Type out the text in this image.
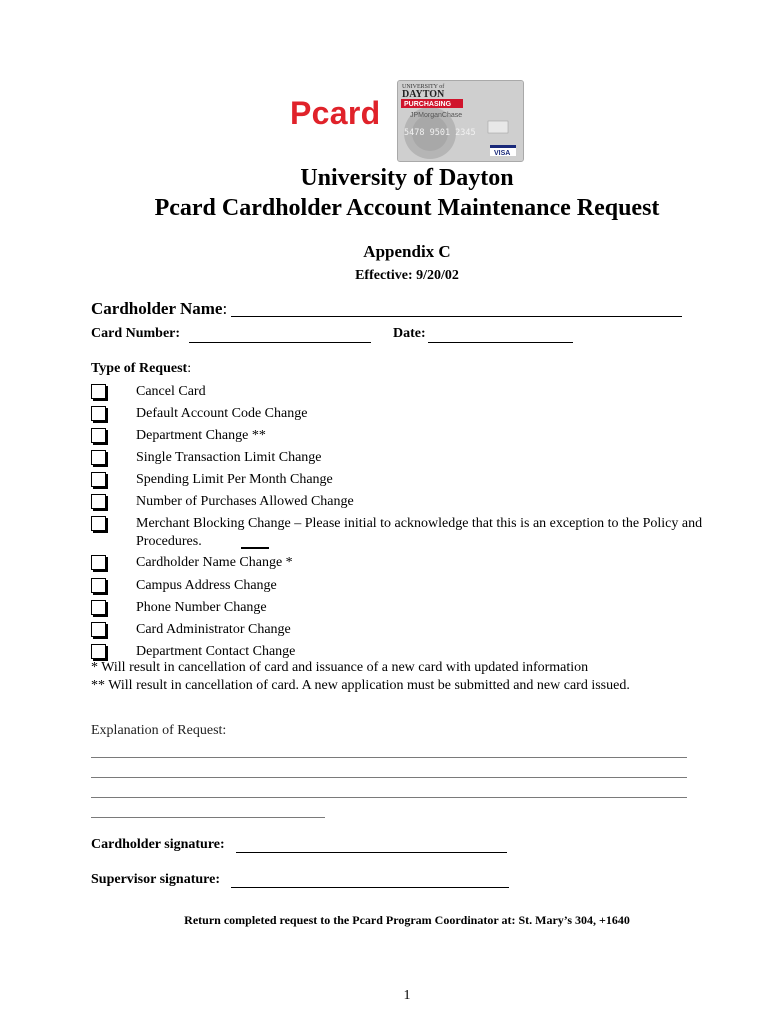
Pcard	PURCHASING
UNIVERSITY of
DAYTON
JPMorganChase
5478 9501 2345
VISA
University of Dayton
Pcard Cardholder Account Maintenance Request
Appendix C
Effective: 9/20/02
Cardholder Name:
Card Number:	Date:
Type of Request:
Cancel Card
Default Account Code Change
Department Change **
Single Transaction Limit Change
Spending Limit Per Month Change
Number of Purchases Allowed Change
Merchant Blocking Change – Please initial to acknowledge that this is an exception to the Policy and Procedures.
Cardholder Name Change *
Campus Address Change
Phone Number Change
Card Administrator Change
Department Contact Change
* Will result in cancellation of card and issuance of a new card with updated information
** Will result in cancellation of card. A new application must be submitted and new card issued.
Explanation of Request:
Cardholder signature:
Supervisor signature:
Return completed request to the Pcard Program Coordinator at: St. Mary’s 304, +1640
1
